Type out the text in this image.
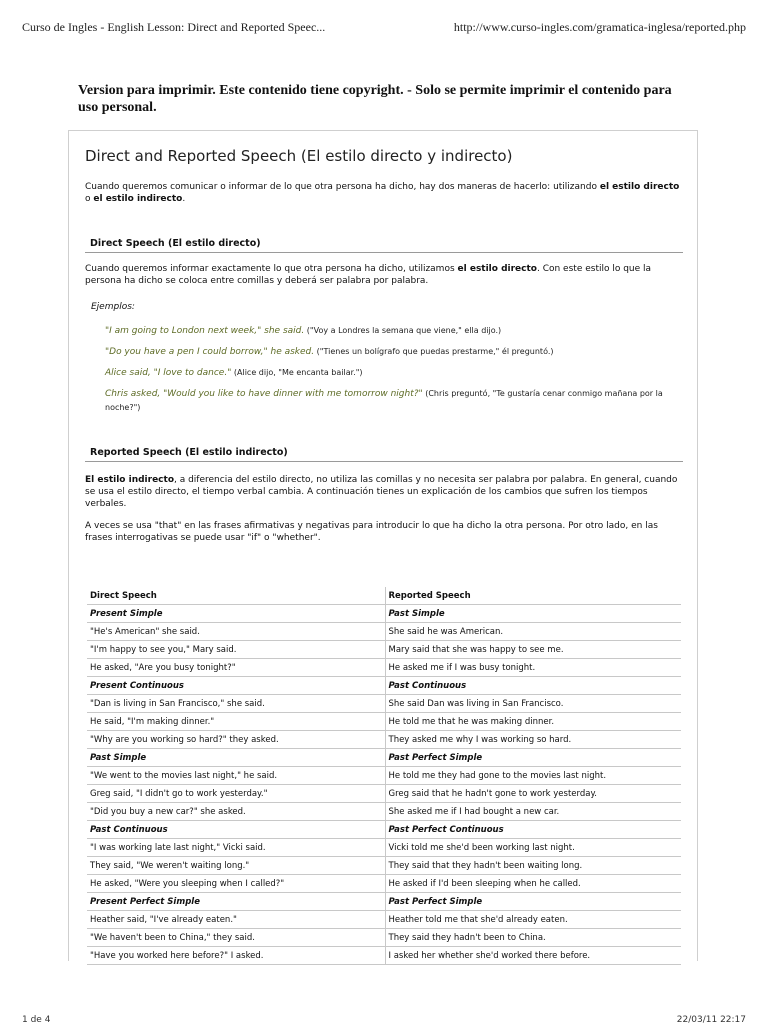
Curso de Ingles - English Lesson: Direct and Reported Speec...	http://www.curso-ingles.com/gramatica-inglesa/reported.php
Version para imprimir. Este contenido tiene copyright. - Solo se permite imprimir el contenido para uso personal.
Direct and Reported Speech (El estilo directo y indirecto)
Cuando queremos comunicar o informar de lo que otra persona ha dicho, hay dos maneras de hacerlo: utilizando el estilo directo o el estilo indirecto.
Direct Speech (El estilo directo)
Cuando queremos informar exactamente lo que otra persona ha dicho, utilizamos el estilo directo. Con este estilo lo que la persona ha dicho se coloca entre comillas y deberá ser palabra por palabra.
Ejemplos:
"I am going to London next week," she said. ("Voy a Londres la semana que viene," ella dijo.)
"Do you have a pen I could borrow," he asked. ("Tienes un bolígrafo que puedas prestarme," él preguntó.)
Alice said, "I love to dance." (Alice dijo, "Me encanta bailar.")
Chris asked, "Would you like to have dinner with me tomorrow night?" (Chris preguntó, "Te gustaría cenar conmigo mañana por la noche?")
Reported Speech (El estilo indirecto)
El estilo indirecto, a diferencia del estilo directo, no utiliza las comillas y no necesita ser palabra por palabra. En general, cuando se usa el estilo directo, el tiempo verbal cambia. A continuación tienes un explicación de los cambios que sufren los tiempos verbales.
A veces se usa "that" en las frases afirmativas y negativas para introducir lo que ha dicho la otra persona. Por otro lado, en las frases interrogativas se puede usar "if" o "whether".
Direct Speech	Reported Speech
Present Simple	Past Simple
"He's American" she said.	She said he was American.
"I'm happy to see you," Mary said.	Mary said that she was happy to see me.
He asked, "Are you busy tonight?"	He asked me if I was busy tonight.
Present Continuous	Past Continuous
"Dan is living in San Francisco," she said.	She said Dan was living in San Francisco.
He said, "I'm making dinner."	He told me that he was making dinner.
"Why are you working so hard?" they asked.	They asked me why I was working so hard.
Past Simple	Past Perfect Simple
"We went to the movies last night," he said.	He told me they had gone to the movies last night.
Greg said, "I didn't go to work yesterday."	Greg said that he hadn't gone to work yesterday.
"Did you buy a new car?" she asked.	She asked me if I had bought a new car.
Past Continuous	Past Perfect Continuous
"I was working late last night," Vicki said.	Vicki told me she'd been working last night.
They said, "We weren't waiting long."	They said that they hadn't been waiting long.
He asked, "Were you sleeping when I called?"	He asked if I'd been sleeping when he called.
Present Perfect Simple	Past Perfect Simple
Heather said, "I've already eaten."	Heather told me that she'd already eaten.
"We haven't been to China," they said.	They said they hadn't been to China.
"Have you worked here before?" I asked.	I asked her whether she'd worked there before.
1 de 4	22/03/11 22:17
